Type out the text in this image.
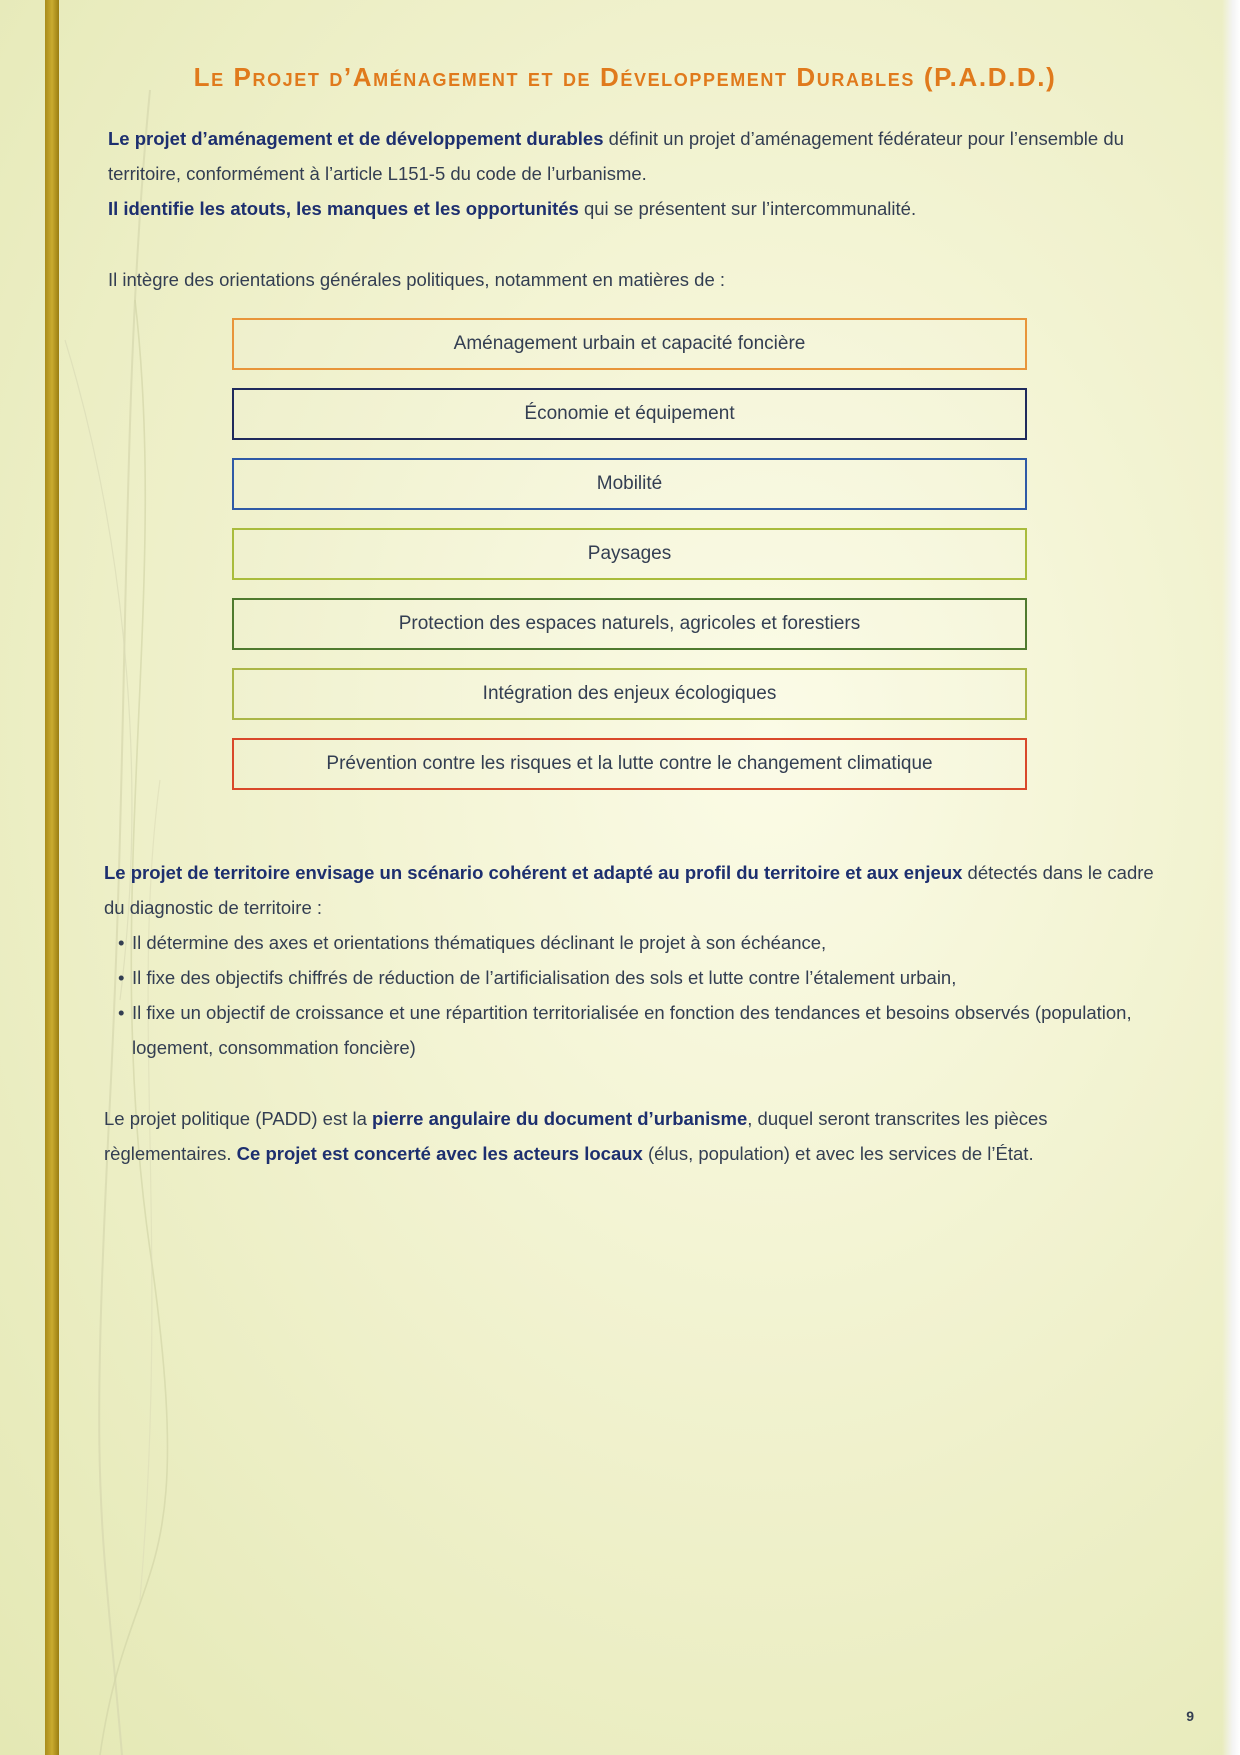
Le Projet d’Aménagement et de Développement Durables (P.A.D.D.)

Le projet d’aménagement et de développement durables définit un projet d’aménagement fédérateur pour l’ensemble du territoire, conformément à l’article L151-5 du code de l’urbanisme.

Il identifie les atouts, les manques et les opportunités qui se présentent sur l’intercommunalité.

Il intègre des orientations générales politiques, notamment en matières de :

Aménagement urbain et capacité foncière
Économie et équipement
Mobilité
Paysages
Protection des espaces naturels, agricoles et forestiers
Intégration des enjeux écologiques
Prévention contre les risques et la lutte contre le changement climatique

Le projet de territoire envisage un scénario cohérent et adapté au profil du territoire et aux enjeux détectés dans le cadre du diagnostic de territoire :

• Il détermine des axes et orientations thématiques déclinant le projet à son échéance,
• Il fixe des objectifs chiffrés de réduction de l’artificialisation des sols et lutte contre l’étalement urbain,
• Il fixe un objectif de croissance et une répartition territorialisée en fonction des tendances et besoins observés (population, logement, consommation foncière)

Le projet politique (PADD) est la pierre angulaire du document d’urbanisme, duquel seront transcrites les pièces règlementaires. Ce projet est concerté avec les acteurs locaux (élus, population) et avec les services de l’État.

9
